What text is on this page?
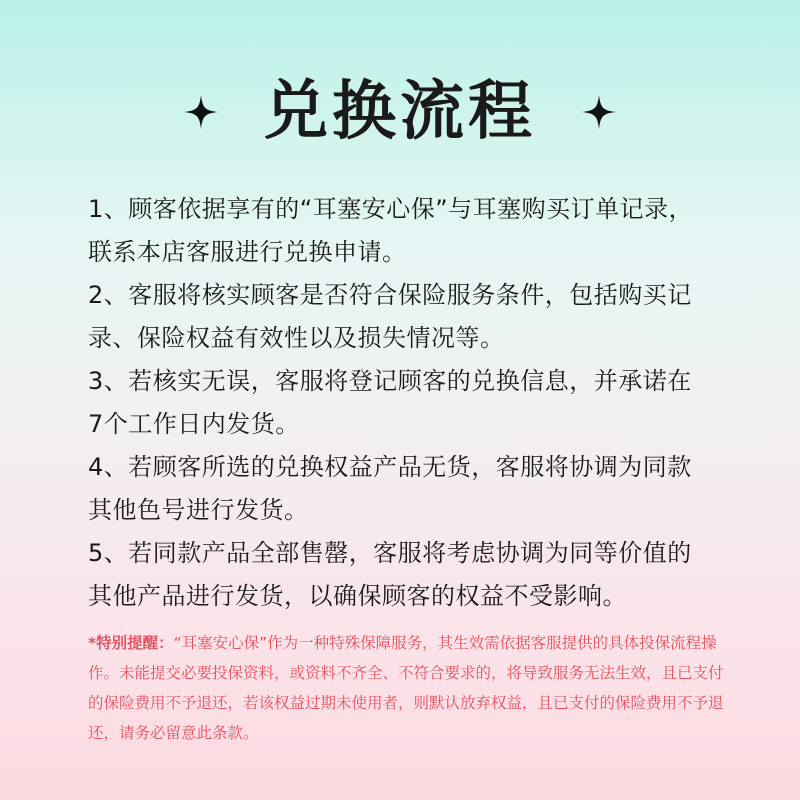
兑换流程

1、顾客依据享有的“耳塞安心保”与耳塞购买订单记录，

联系本店客服进行兑换申请。

2、客服将核实顾客是否符合保险服务条件，包括购买记

录、保险权益有效性以及损失情况等。

3、若核实无误，客服将登记顾客的兑换信息，并承诺在

7个工作日内发货。

4、若顾客所选的兑换权益产品无货，客服将协调为同款

其他色号进行发货。

5、若同款产品全部售罄，客服将考虑协调为同等价值的

其他产品进行发货，以确保顾客的权益不受影响。

*特别提醒：“耳塞安心保”作为一种特殊保障服务，其生效需依据客服提供的具体投保流程操作。未能提交必要投保资料，或资料不齐全、不符合要求的，将导致服务无法生效，且已支付的保险费用不予退还，若该权益过期未使用者，则默认放弃权益，且已支付的保险费用不予退还，请务必留意此条款。
